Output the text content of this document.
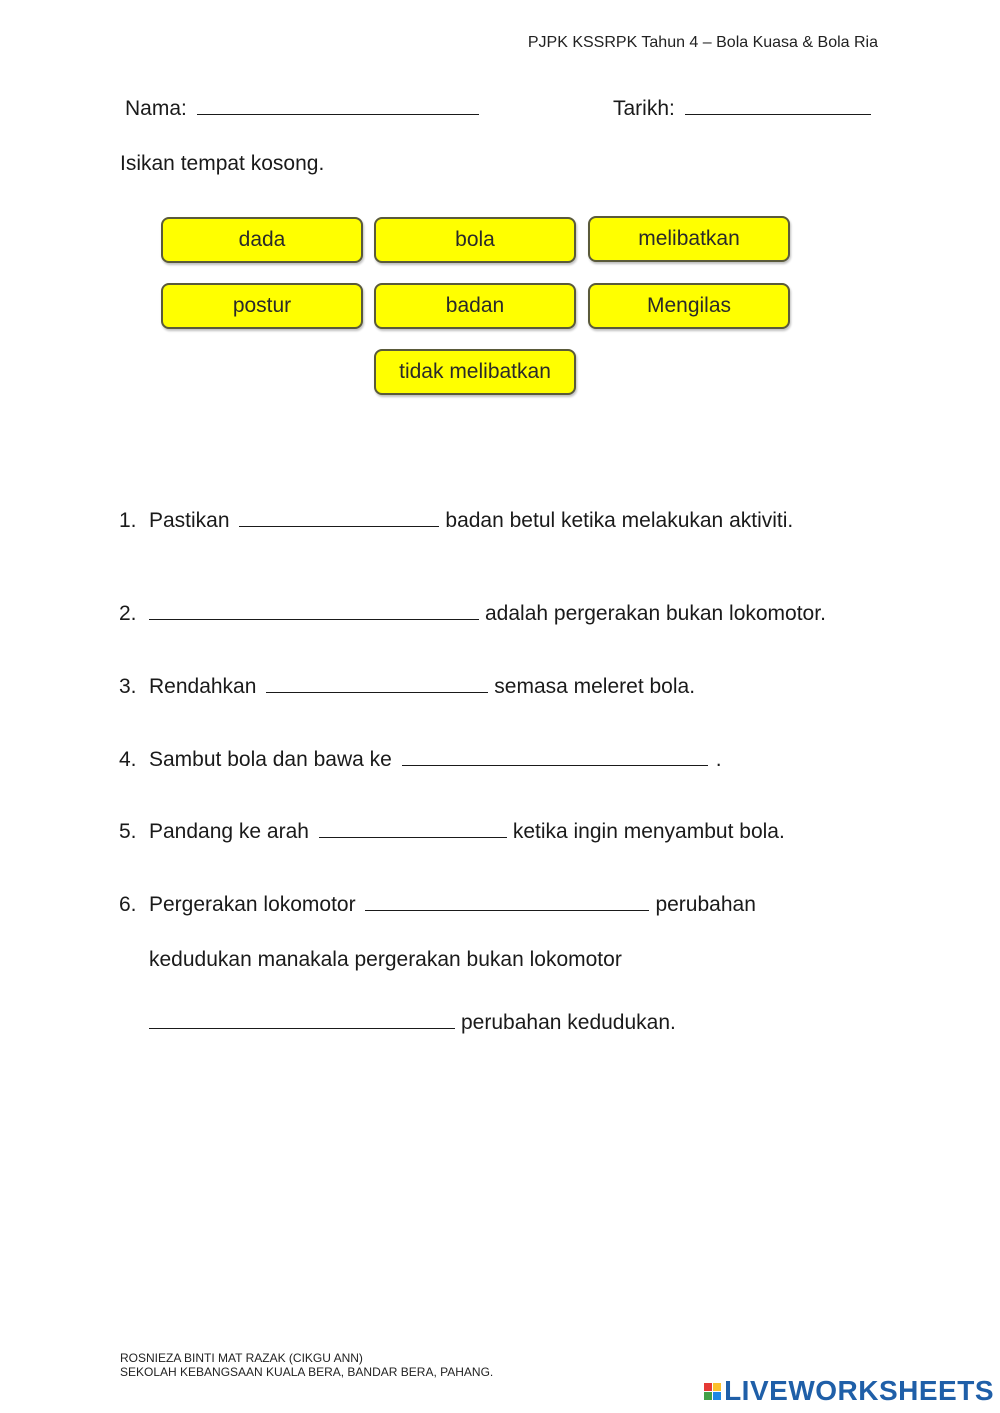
PJPK KSSRPK Tahun 4 – Bola Kuasa & Bola Ria
Nama:	Tarikh:
Isikan tempat kosong.
dada	bola	melibatkan
postur	badan	Mengilas
tidak melibatkan
1. Pastikan	badan betul ketika melakukan aktiviti.
2.	adalah pergerakan bukan lokomotor.
3. Rendahkan	semasa meleret bola.
4. Sambut bola dan bawa ke	.
5. Pandang ke arah	ketika ingin menyambut bola.
6. Pergerakan lokomotor	perubahan
kedudukan manakala pergerakan bukan lokomotor
perubahan kedudukan.
ROSNIEZA BINTI MAT RAZAK (CIKGU ANN)
SEKOLAH KEBANGSAAN KUALA BERA, BANDAR BERA, PAHANG.
LIVEWORKSHEETS
